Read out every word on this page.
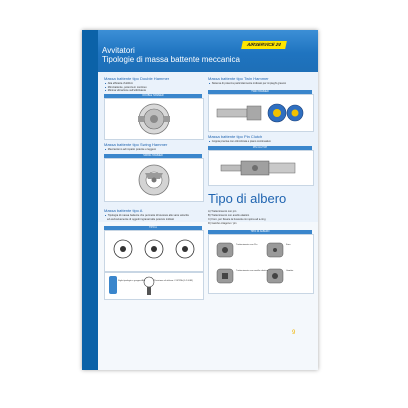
Avvitatori
Tipologie di massa battente meccanica
AIRSERVICE 24
Massa battente tipo Double Hammer
■ Alta efficacia d'utilizzo
■ Mini-battente, potenza in continuo
■ Minima vibrazione sull'utilizzatore
DOUBLE HAMMER
Massa battente tipo Twin Hammer
■ Sistema di potenza particolarmente indicato per impieghi gravosi
TWIN HAMMER
Massa battente tipo Swing Hammer
■ Meccanismo ad impatto potente e leggero
SWING HAMMER
Massa battente tipo Pin Clutch
■ Coppia precisa con ottimizzata e piano continuativo
PIN CLUTCH
Massa battente tipo A
■ Tipologia di massa battente che permette di lavorare alle varie velocità
ed esclusivamente di oggetti ingranati alle potenze indicati
TIPO A
Sigla tipologia e gruppo Alte	Posizione di utilizzo: COPPIA (1-2 GIRI)
Tipo di albero
A) Trattenimento con pin
B) Trattenimento con anello elastico
C) Foro, per fissare la bussola con spina ad a-ring
D) Gambo ottagono / pin
TIPO DI ALBERO
Trattenimento con Pin	Foro
Trattenimento con anello elastico	Gambo
9
